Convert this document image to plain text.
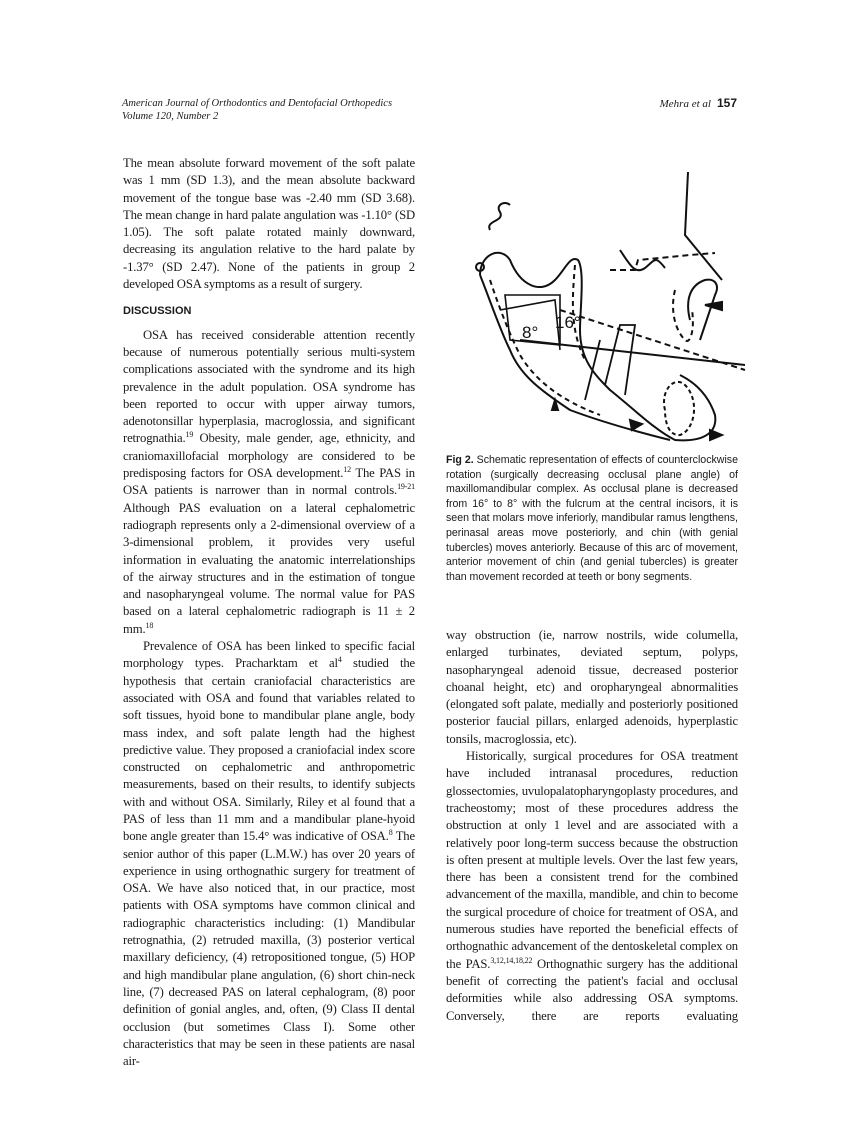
American Journal of Orthodontics and Dentofacial Orthopedics
Volume 120, Number 2
Mehra et al 157

The mean absolute forward movement of the soft palate was 1 mm (SD 1.3), and the mean absolute backward movement of the tongue base was -2.40 mm (SD 3.68). The mean change in hard palate angulation was -1.10° (SD 1.05). The soft palate rotated mainly downward, decreasing its angulation relative to the hard palate by -1.37° (SD 2.47). None of the patients in group 2 developed OSA symptoms as a result of surgery.

DISCUSSION

OSA has received considerable attention recently because of numerous potentially serious multi-system complications associated with the syndrome and its high prevalence in the adult population. OSA syndrome has been reported to occur with upper airway tumors, adenotonsillar hyperplasia, macroglossia, and significant retrognathia.$^{19}$ Obesity, male gender, age, ethnicity, and craniomaxillofacial morphology are considered to be predisposing factors for OSA development.$^{12}$ The PAS in OSA patients is narrower than in normal controls.$^{19-21}$ Although PAS evaluation on a lateral cephalometric radiograph represents only a 2-dimensional overview of a 3-dimensional problem, it provides very useful information in evaluating the anatomic interrelationships of the airway structures and in the estimation of tongue and nasopharyngeal volume. The normal value for PAS based on a lateral cephalometric radiograph is 11 ± 2 mm.$^{18}$

Prevalence of OSA has been linked to specific facial morphology types. Pracharktam et $al^4$ studied the hypothesis that certain craniofacial characteristics are associated with OSA and found that variables related to soft tissues, hyoid bone to mandibular plane angle, body mass index, and soft palate length had the highest predictive value. They proposed a craniofacial index score constructed on cephalometric and anthropometric measurements, based on their results, to identify subjects with and without OSA. Similarly, Riley et al found that a PAS of less than 11 mm and a mandibular plane-hyoid bone angle greater than 15.4° was indicative of OSA.$^8$ The senior author of this paper (L.M.W.) has over 20 years of experience in using orthognathic surgery for treatment of OSA. We have also noticed that, in our practice, most patients with OSA symptoms have common clinical and radiographic characteristics including: (1) Mandibular retrognathia, (2) retruded maxilla, (3) posterior vertical maxillary deficiency, (4) retropositioned tongue, (5) HOP and high mandibular plane angulation, (6) short chin-neck line, (7) decreased PAS on lateral cephalogram, (8) poor definition of gonial angles, and, often, (9) Class II dental occlusion (but sometimes Class I). Some other characteristics that may be seen in these patients are nasal air-

16°
8°
Fig 2. Schematic representation of effects of counterclockwise rotation (surgically decreasing occlusal plane angle) of maxillomandibular complex. As occlusal plane is decreased from 16° to 8° with the fulcrum at the central incisors, it is seen that molars move inferiorly, mandibular ramus lengthens, perinasal areas move posteriorly, and chin (with genial tubercles) moves anteriorly. Because of this arc of movement, anterior movement of chin (and genial tubercles) is greater than movement recorded at teeth or bony segments.

way obstruction (ie, narrow nostrils, wide columella, enlarged turbinates, deviated septum, polyps, nasopharyngeal adenoid tissue, decreased posterior choanal height, etc) and oropharyngeal abnormalities (elongated soft palate, medially and posteriorly positioned posterior faucial pillars, enlarged adenoids, hyperplastic tonsils, macroglossia, etc).

Historically, surgical procedures for OSA treatment have included intranasal procedures, reduction glossectomies, uvulopalatopharyngoplasty procedures, and tracheostomy; most of these procedures address the obstruction at only 1 level and are associated with a relatively poor long-term success because the obstruction is often present at multiple levels. Over the last few years, there has been a consistent trend for the combined advancement of the maxilla, mandible, and chin to become the surgical procedure of choice for treatment of OSA, and numerous studies have reported the beneficial effects of orthognathic advancement of the dentoskeletal complex on the PAS.$^{3,12,14,18,22}$ Orthognathic surgery has the additional benefit of correcting the patient's facial and occlusal deformities while also addressing OSA symptoms. Conversely, there are reports evaluating
